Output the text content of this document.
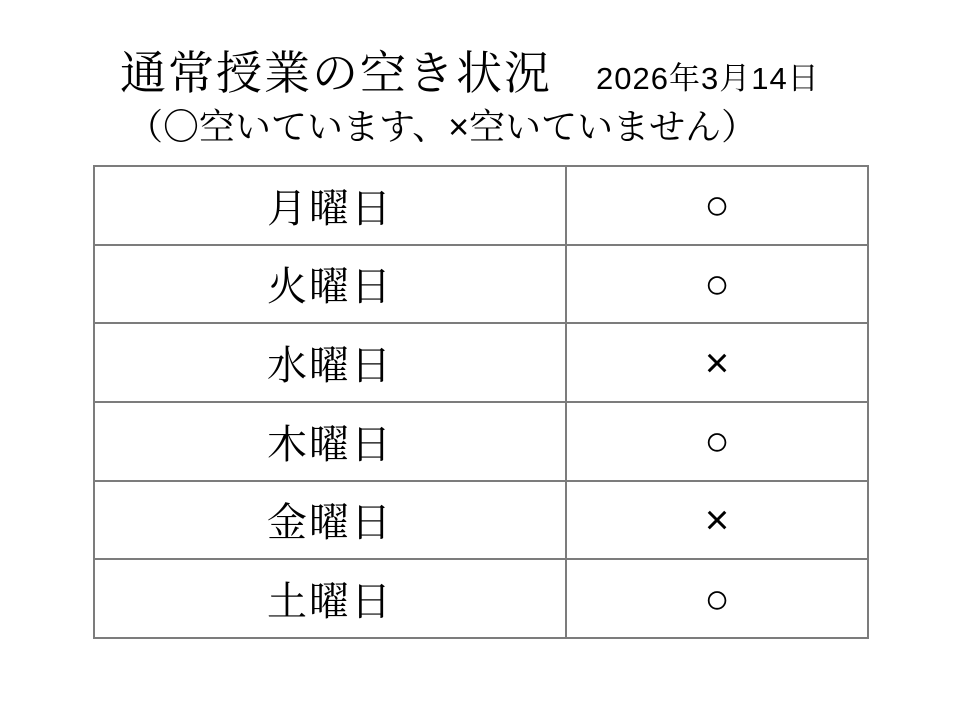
通常授業の空き状況 2026年3月14日
（〇空いています、×空いていません）
月曜日	○
火曜日	○
水曜日	×
木曜日	○
金曜日	×
土曜日	○
